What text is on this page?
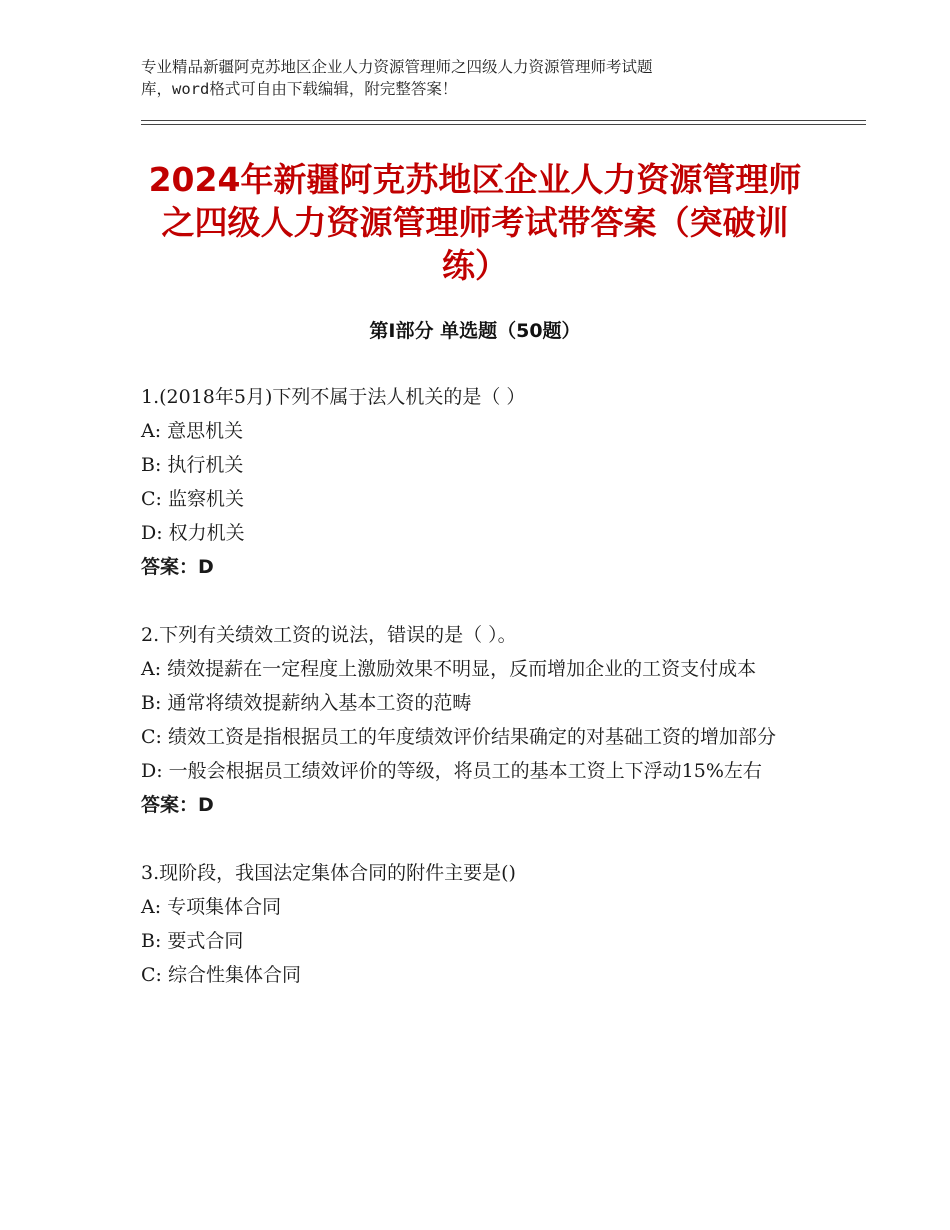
专业精品新疆阿克苏地区企业人力资源管理师之四级人力资源管理师考试题
库，word格式可自由下载编辑，附完整答案！
2024年新疆阿克苏地区企业人力资源管理师
之四级人力资源管理师考试带答案（突破训
练）
第Ⅰ部分 单选题（50题）
1.(2018年5月)下列不属于法人机关的是（ ）
A: 意思机关
B: 执行机关
C: 监察机关
D: 权力机关
答案：D
2.下列有关绩效工资的说法，错误的是（ ）。
A: 绩效提薪在一定程度上激励效果不明显，反而增加企业的工资支付成本
B: 通常将绩效提薪纳入基本工资的范畴
C: 绩效工资是指根据员工的年度绩效评价结果确定的对基础工资的增加部分
D: 一般会根据员工绩效评价的等级，将员工的基本工资上下浮动15%左右
答案：D
3.现阶段，我国法定集体合同的附件主要是()
A: 专项集体合同
B: 要式合同
C: 综合性集体合同
